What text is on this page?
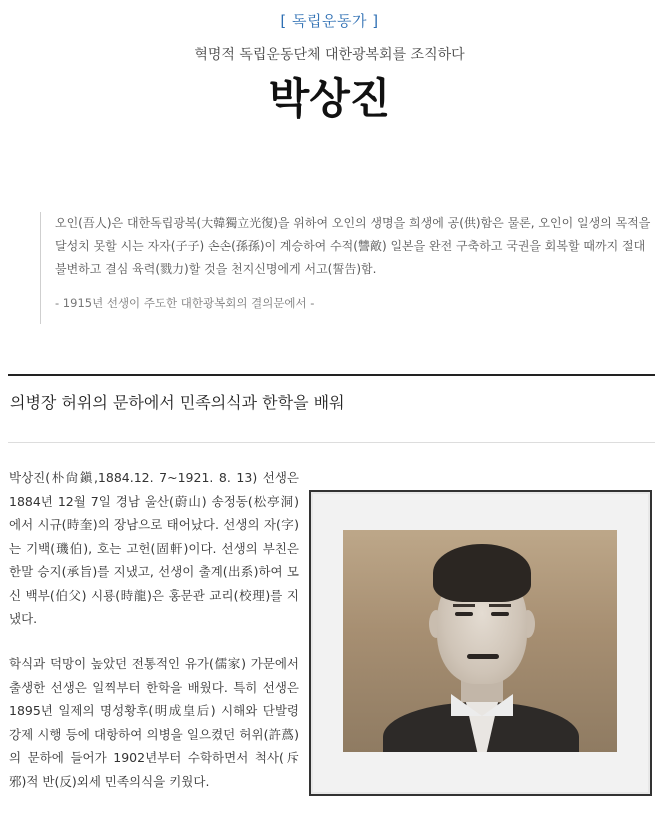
[ 독립운동가 ]
혁명적 독립운동단체 대한광복회를 조직하다
박상진

오인(吾人)은 대한독립광복(大韓獨立光復)을 위하여 오인의 생명을 희생에 공(供)함은 물론, 오인이 일생의 목적을 달성치 못할 시는 자자(子子) 손손(孫孫)이 계승하여 수적(讐敵) 일본을 완전 구축하고 국권을 회복할 때까지 절대 불변하고 결심 육력(戮力)할 것을 천지신명에게 서고(誓告)함.

- 1915년 선생이 주도한 대한광복회의 결의문에서 -

의병장 허위의 문하에서 민족의식과 한학을 배워

박상진(朴尙鎭,1884.12. 7~1921. 8. 13) 선생은 1884년 12월 7일 경남 울산(蔚山) 송정동(松亭洞)에서 시규(時奎)의 장남으로 태어났다. 선생의 자(字)는 기백(璣伯), 호는 고헌(固軒)이다. 선생의 부친은 한말 승지(承旨)를 지냈고, 선생이 출계(出系)하여 모신 백부(伯父) 시룡(時龍)은 홍문관 교리(校理)를 지냈다.

학식과 덕망이 높았던 전통적인 유가(儒家) 가문에서 출생한 선생은 일찍부터 한학을 배웠다. 특히 선생은 1895년 일제의 명성황후(明成皇后) 시해와 단발령 강제 시행 등에 대항하여 의병을 일으켰던 허위(許蔿)의 문하에 들어가 1902년부터 수학하면서 척사(斥邪)적 반(反)외세 민족의식을 키웠다.
